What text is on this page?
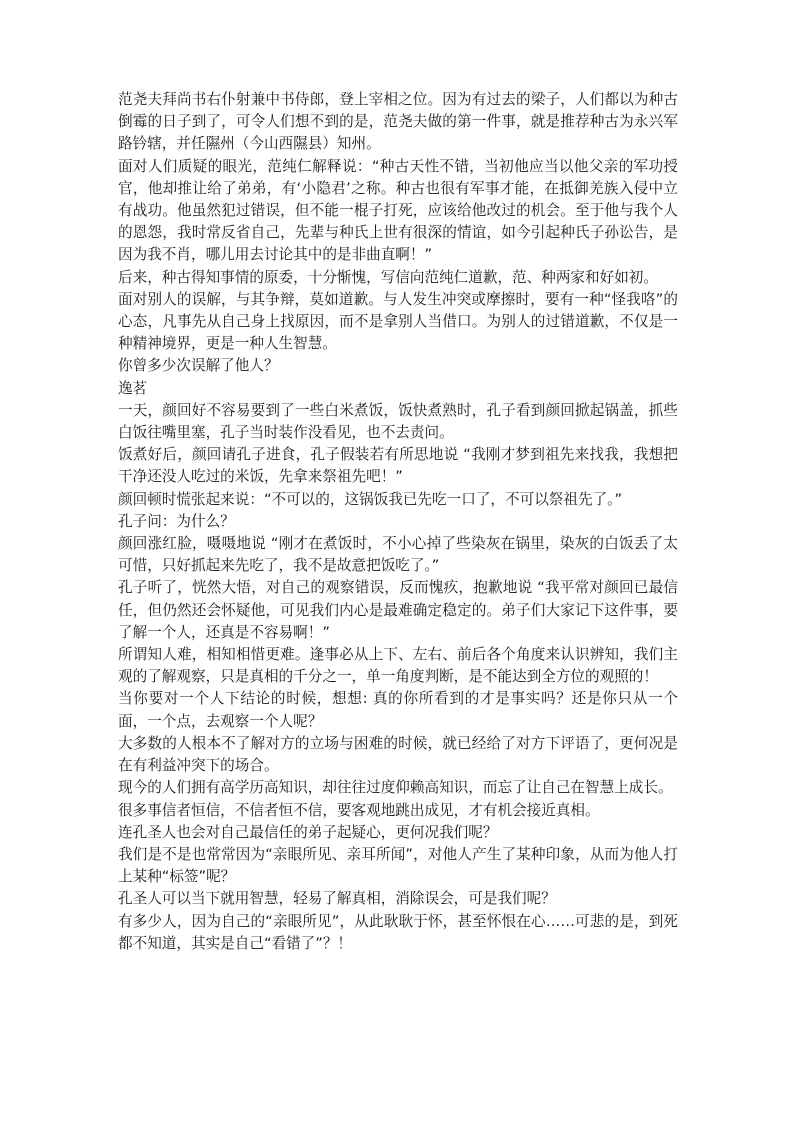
范尧夫拜尚书右仆射兼中书侍郎，登上宰相之位。因为有过去的梁子，人们都以为种古倒霉的日子到了，可令人们想不到的是，范尧夫做的第一件事，就是推荐种古为永兴军路钤辖，并任隰州（今山西隰县）知州。

面对人们质疑的眼光，范纯仁解释说：“种古天性不错，当初他应当以他父亲的军功授官，他却推让给了弟弟，有‘小隐君’之称。种古也很有军事才能，在抵御羌族入侵中立有战功。他虽然犯过错误，但不能一棍子打死，应该给他改过的机会。至于他与我个人的恩怨，我时常反省自己，先辈与种氏上世有很深的情谊，如今引起种氏子孙讼告，是因为我不肖，哪儿用去讨论其中的是非曲直啊！”

后来，种古得知事情的原委，十分惭愧，写信向范纯仁道歉，范、种两家和好如初。

面对别人的误解，与其争辩，莫如道歉。与人发生冲突或摩擦时，要有一种“怪我咯”的心态，凡事先从自己身上找原因，而不是拿别人当借口。为别人的过错道歉，不仅是一种精神境界，更是一种人生智慧。

你曾多少次误解了他人？

逸茗

一天，颜回好不容易要到了一些白米煮饭，饭快煮熟时，孔子看到颜回掀起锅盖，抓些白饭往嘴里塞，孔子当时装作没看见，也不去责问。

饭煮好后，颜回请孔子进食，孔子假装若有所思地说 “我刚才梦到祖先来找我，我想把干净还没人吃过的米饭，先拿来祭祖先吧！”

颜回顿时慌张起来说：“不可以的，这锅饭我已先吃一口了，不可以祭祖先了。”

孔子问：为什么？

颜回涨红脸，嗫嗫地说 “刚才在煮饭时，不小心掉了些染灰在锅里，染灰的白饭丢了太可惜，只好抓起来先吃了，我不是故意把饭吃了。”

孔子听了，恍然大悟，对自己的观察错误，反而愧疚，抱歉地说 “我平常对颜回已最信任，但仍然还会怀疑他，可见我们内心是最难确定稳定的。弟子们大家记下这件事，要了解一个人，还真是不容易啊！”

所谓知人难，相知相惜更难。逢事必从上下、左右、前后各个角度来认识辨知，我们主观的了解观察，只是真相的千分之一，单一角度判断，是不能达到全方位的观照的！

当你要对一个人下结论的时候，想想: 真的你所看到的才是事实吗？还是你只从一个面，一个点，去观察一个人呢？

大多数的人根本不了解对方的立场与困难的时候，就已经给了对方下评语了，更何况是在有利益冲突下的场合。

现今的人们拥有高学历高知识，却往往过度仰赖高知识，而忘了让自己在智慧上成长。

很多事信者恒信，不信者恒不信，要客观地跳出成见，才有机会接近真相。

连孔圣人也会对自己最信任的弟子起疑心，更何况我们呢？

我们是不是也常常因为“亲眼所见、亲耳所闻”，对他人产生了某种印象，从而为他人打上某种“标签”呢？

孔圣人可以当下就用智慧，轻易了解真相，消除误会，可是我们呢？

有多少人，因为自己的“亲眼所见”，从此耿耿于怀，甚至怀恨在心……可悲的是，到死都不知道，其实是自己“看错了”？！
